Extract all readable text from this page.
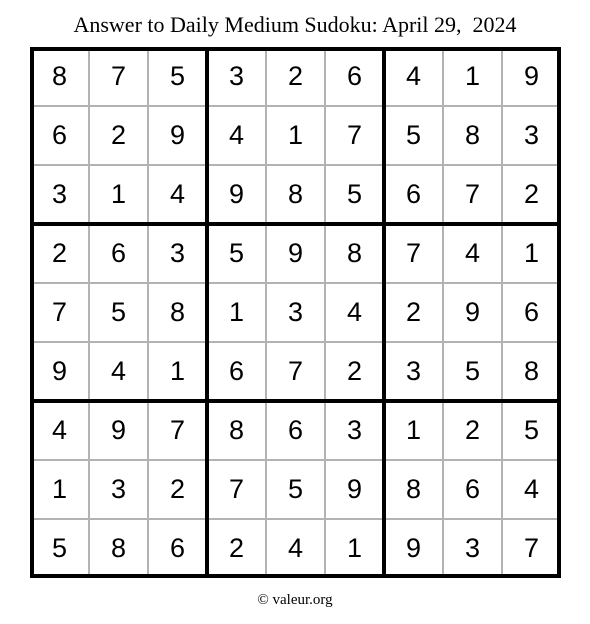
Answer to Daily Medium Sudoku: April 29,  2024
8	7	5	3	2	6	4	1	9
6	2	9	4	1	7	5	8	3
3	1	4	9	8	5	6	7	2
2	6	3	5	9	8	7	4	1
7	5	8	1	3	4	2	9	6
9	4	1	6	7	2	3	5	8
4	9	7	8	6	3	1	2	5
1	3	2	7	5	9	8	6	4
5	8	6	2	4	1	9	3	7
© valeur.org
